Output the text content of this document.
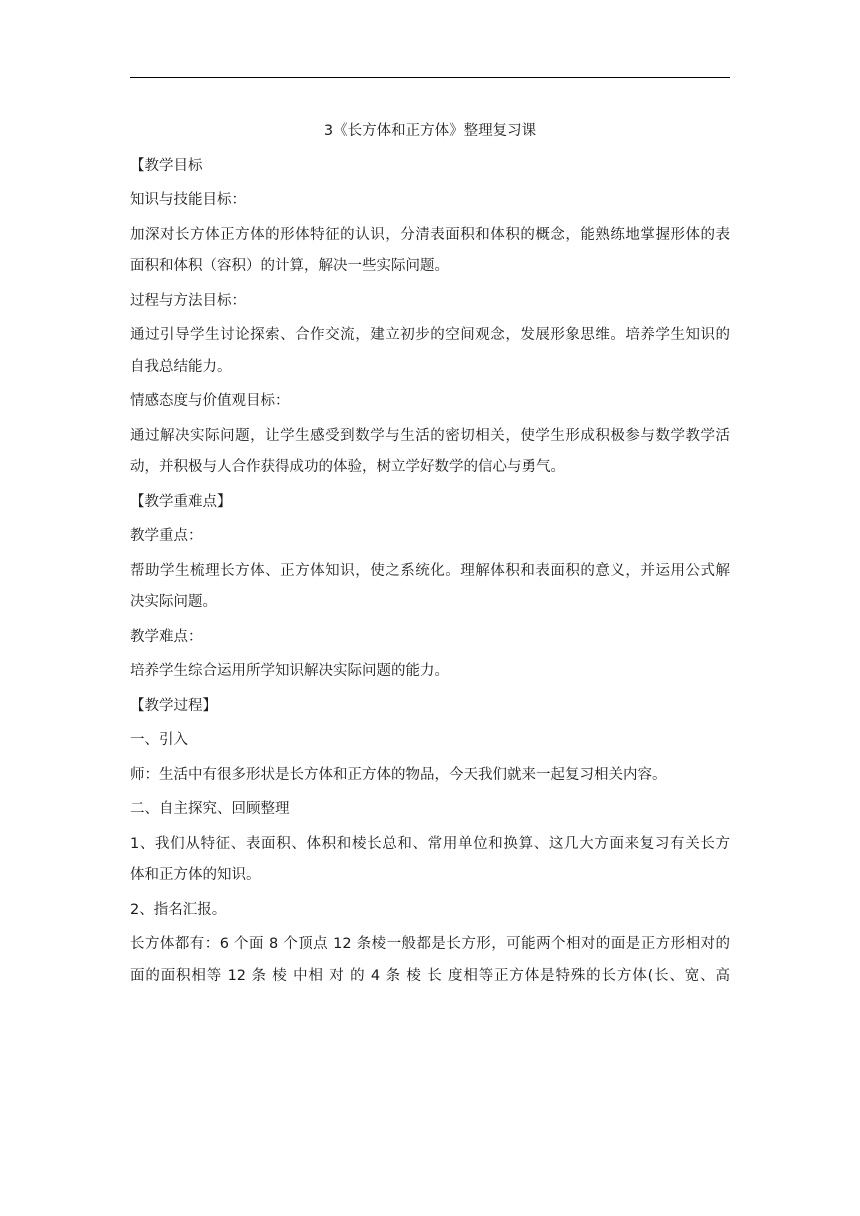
3《长方体和正方体》整理复习课
【教学目标
知识与技能目标：
加深对长方体正方体的形体特征的认识，分清表面积和体积的概念，能熟练地掌握形体的表
面积和体积（容积）的计算，解决一些实际问题。
过程与方法目标：
通过引导学生讨论探索、合作交流，建立初步的空间观念，发展形象思维。培养学生知识的
自我总结能力。
情感态度与价值观目标：
通过解决实际问题，让学生感受到数学与生活的密切相关，使学生形成积极参与数学教学活
动，并积极与人合作获得成功的体验，树立学好数学的信心与勇气。
【教学重难点】
教学重点：
帮助学生梳理长方体、正方体知识，使之系统化。理解体积和表面积的意义，并运用公式解
决实际问题。
教学难点：
培养学生综合运用所学知识解决实际问题的能力。
【教学过程】
一、引入
师：生活中有很多形状是长方体和正方体的物品，今天我们就来一起复习相关内容。
二、自主探究、回顾整理
1、我们从特征、表面积、体积和棱长总和、常用单位和换算、这几大方面来复习有关长方
体和正方体的知识。
2、指名汇报。
长方体都有：6 个面 8 个顶点 12 条棱一般都是长方形，可能两个相对的面是正方形相对的
面的面积相等 12 条 棱 中相 对 的 4 条 棱 长 度相等正方体是特殊的长方体(长、宽、高
